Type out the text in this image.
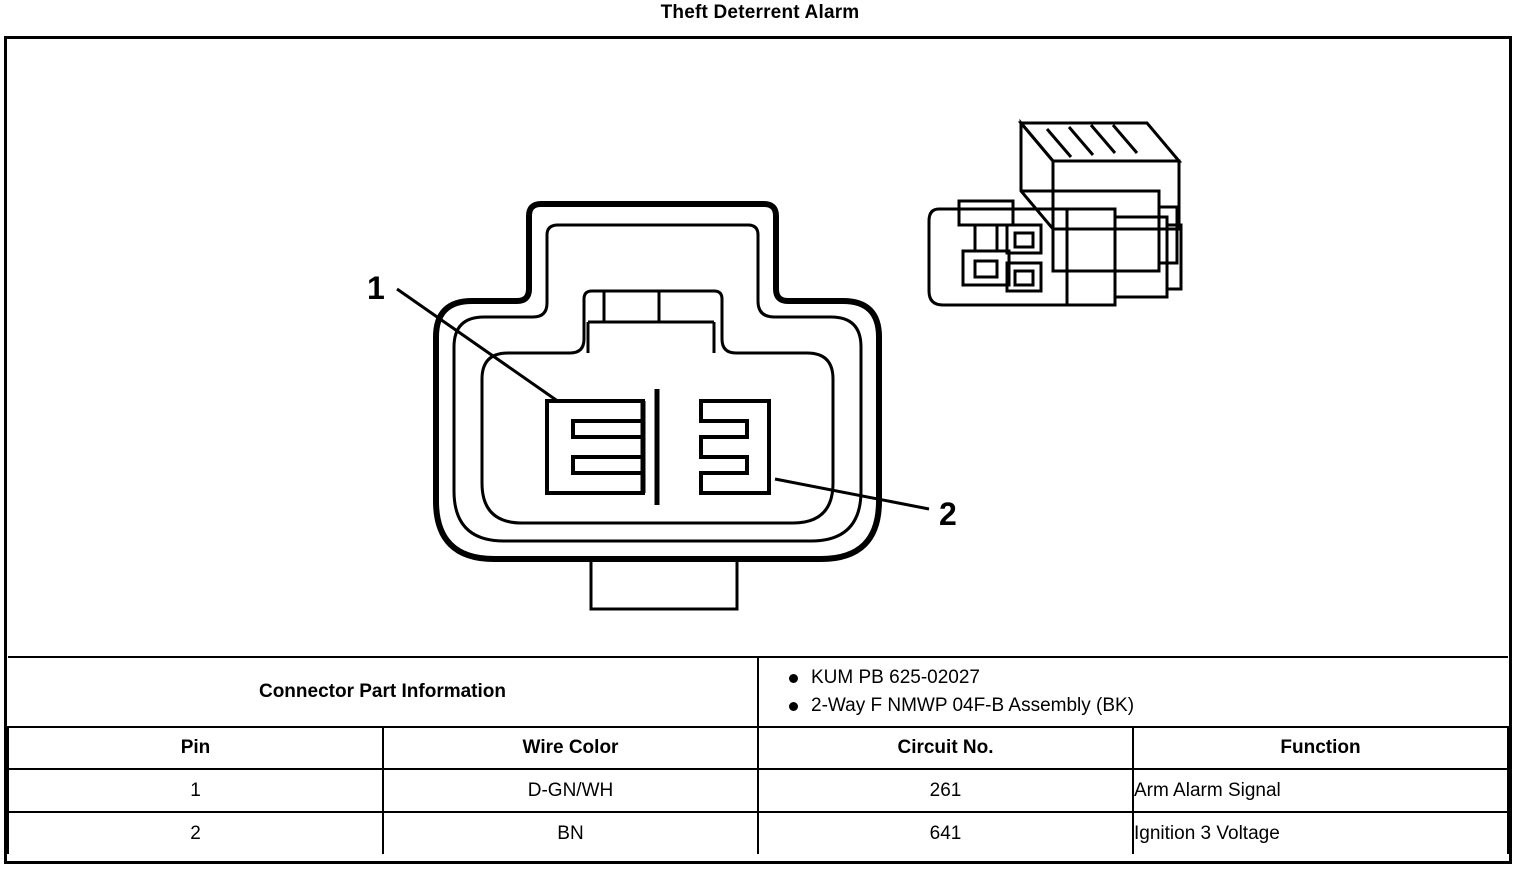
Theft Deterrent Alarm
1
2
Connector Part Information	
KUM PB 625-02027
2-Way F NMWP 04F-B Assembly (BK)

Pin	Wire Color	Circuit No.	Function
1	D-GN/WH	261	Arm Alarm Signal
2	BN	641	Ignition 3 Voltage
